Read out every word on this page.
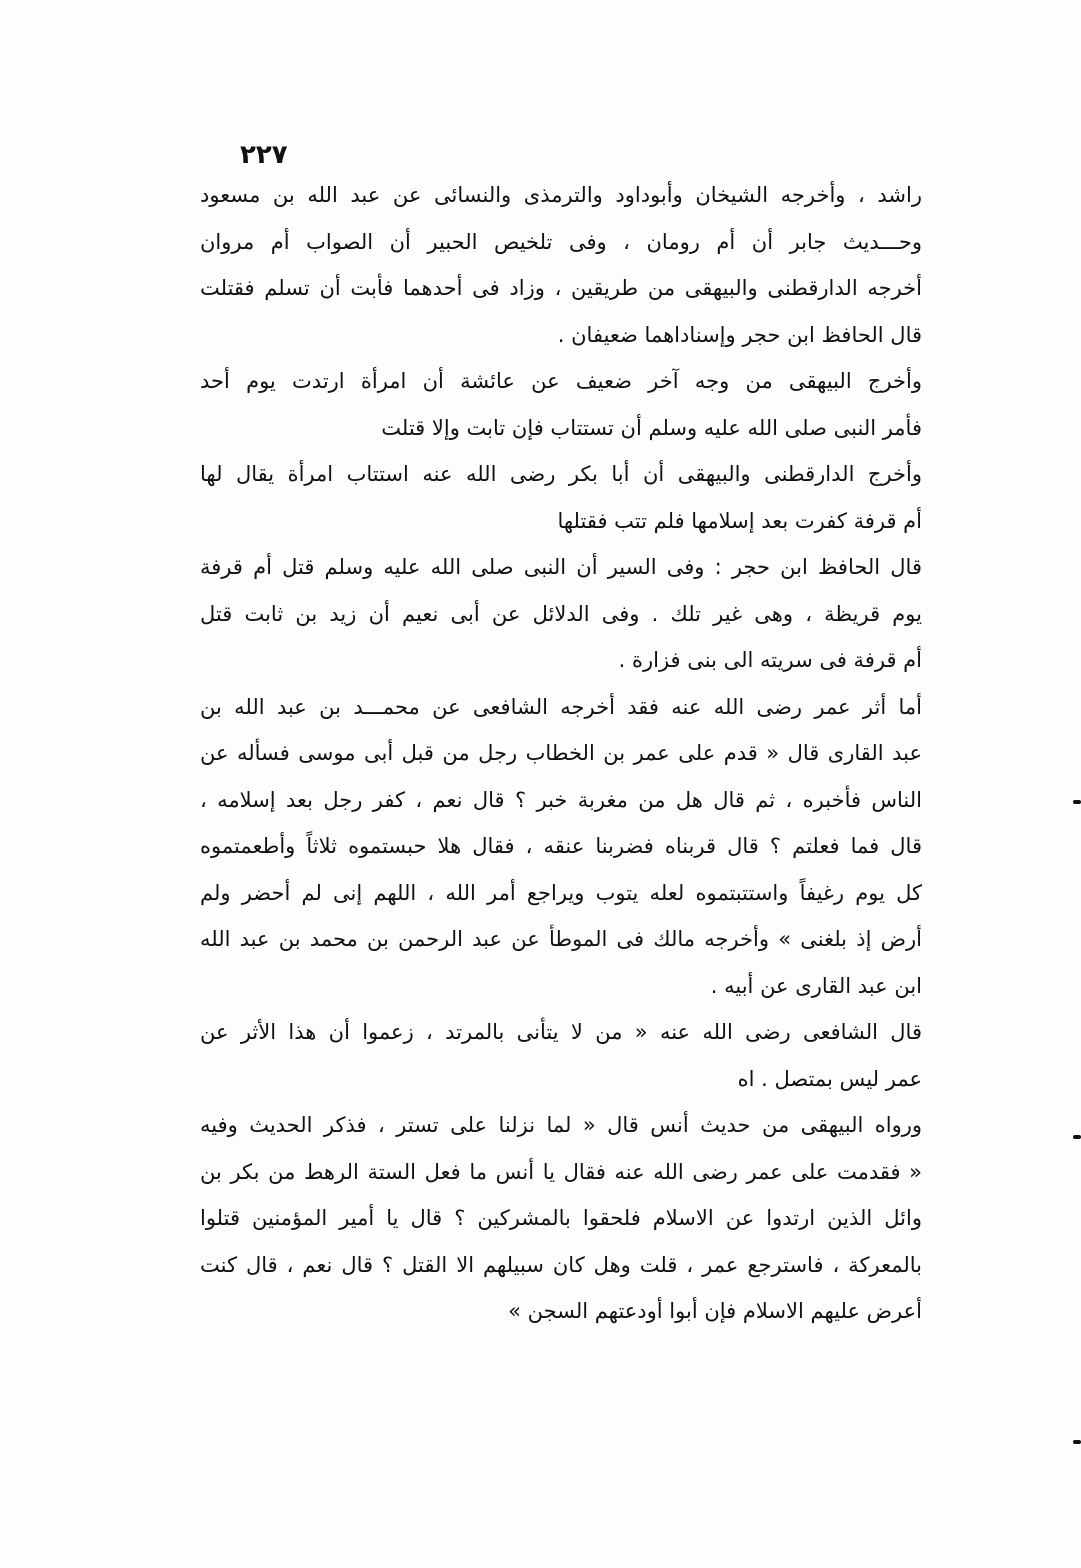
٢٢٧
راشد ، وأخرجه الشيخان وأبوداود والترمذى والنسائى عن عبد الله بن مسعود
وحـــديث جابر أن أم رومان ، وفى تلخيص الحبير أن الصواب أم مروان
أخرجه الدارقطنى والبيهقى من طريقين ، وزاد فى أحدهما فأبت أن تسلم فقتلت
قال الحافظ ابن حجر وإسناداهما ضعيفان .
وأخرج البيهقى من وجه آخر ضعيف عن عائشة أن امرأة ارتدت يوم أحد
فأمر النبى صلى الله عليه وسلم أن تستتاب فإن تابت وإلا قتلت
وأخرج الدارقطنى والبيهقى أن أبا بكر رضى الله عنه استتاب امرأة يقال لها
أم قرفة كفرت بعد إسلامها فلم تتب فقتلها
قال الحافظ ابن حجر : وفى السير أن النبى صلى الله عليه وسلم قتل أم قرفة
يوم قريظة ، وهى غير تلك . وفى الدلائل عن أبى نعيم أن زيد بن ثابت قتل
أم قرفة فى سريته الى بنى فزارة .
أما أثر عمر رضى الله عنه فقد أخرجه الشافعى عن محمـــد بن عبد الله بن
عبد القارى قال « قدم على عمر بن الخطاب رجل من قبل أبى موسى فسأله عن
الناس فأخبره ، ثم قال هل من مغربة خبر ؟ قال نعم ، كفر رجل بعد إسلامه ،
قال فما فعلتم ؟ قال قربناه فضربنا عنقه ، فقال هلا حبستموه ثلاثاً وأطعمتموه
كل يوم رغيفاً واستتبتموه لعله يتوب ويراجع أمر الله ، اللهم إنى لم أحضر ولم
أرض إذ بلغنى » وأخرجه مالك فى الموطأ عن عبد الرحمن بن محمد بن عبد الله
ابن عبد القارى عن أبيه .
قال الشافعى رضى الله عنه « من لا يتأنى بالمرتد ، زعموا أن هذا الأثر عن
عمر ليس بمتصل . اه
ورواه البيهقى من حديث أنس قال « لما نزلنا على تستر ، فذكر الحديث وفيه
« فقدمت على عمر رضى الله عنه فقال يا أنس ما فعل الستة الرهط من بكر بن
وائل الذين ارتدوا عن الاسلام فلحقوا بالمشركين ؟ قال يا أمير المؤمنين قتلوا
بالمعركة ، فاسترجع عمر ، قلت وهل كان سبيلهم الا القتل ؟ قال نعم ، قال كنت
أعرض عليهم الاسلام فإن أبوا أودعتهم السجن »
